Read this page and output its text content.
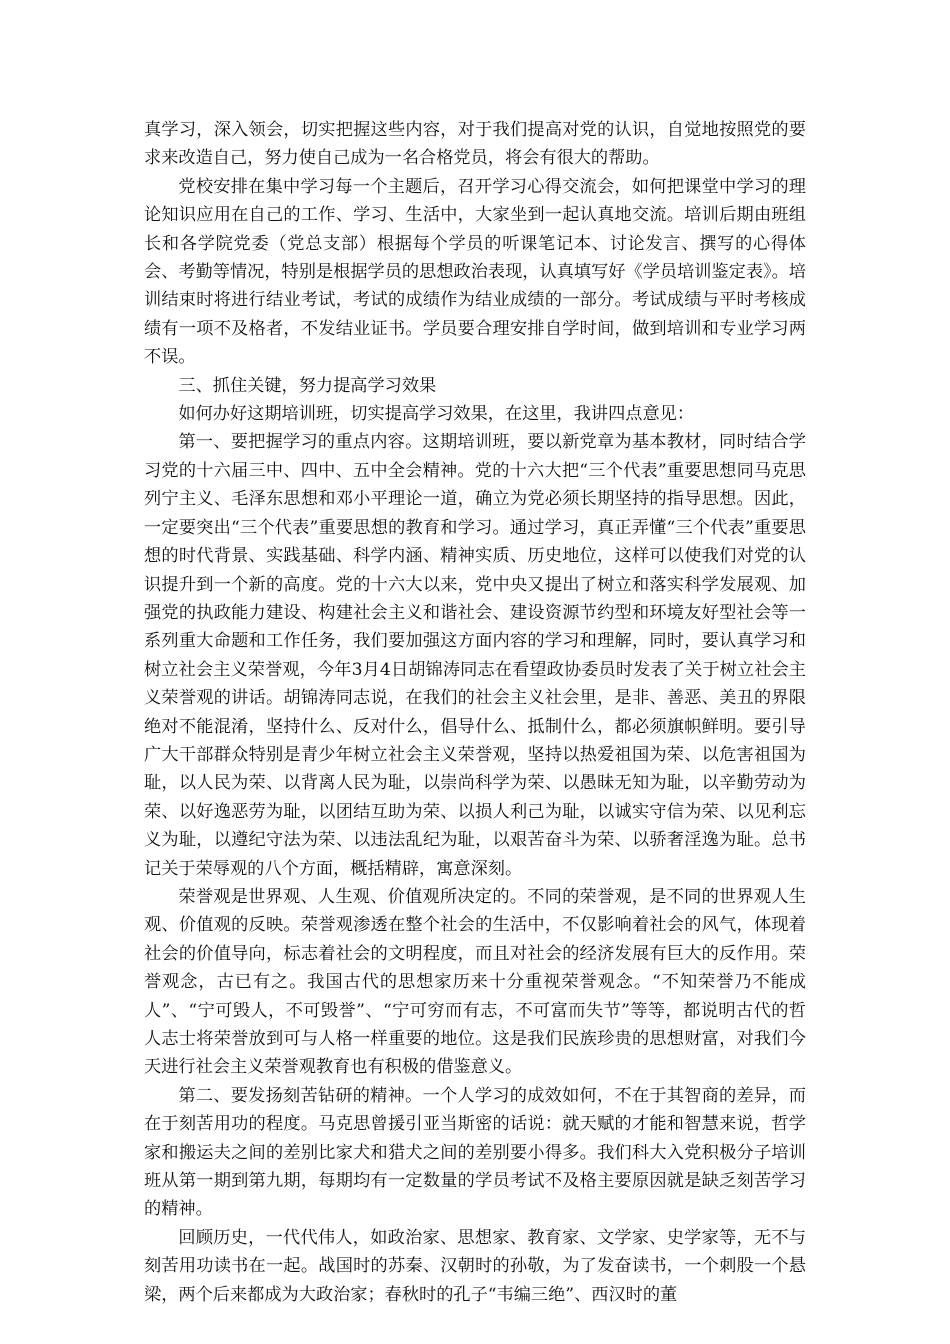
真学习，深入领会，切实把握这些内容，对于我们提高对党的认识，自觉地按照党的要求来改造自己，努力使自己成为一名合格党员，将会有很大的帮助。

党校安排在集中学习每一个主题后，召开学习心得交流会，如何把课堂中学习的理论知识应用在自己的工作、学习、生活中，大家坐到一起认真地交流。培训后期由班组长和各学院党委（党总支部）根据每个学员的听课笔记本、讨论发言、撰写的心得体会、考勤等情况，特别是根据学员的思想政治表现，认真填写好《学员培训鉴定表》。培训结束时将进行结业考试，考试的成绩作为结业成绩的一部分。考试成绩与平时考核成绩有一项不及格者，不发结业证书。学员要合理安排自学时间，做到培训和专业学习两不误。

三、抓住关键，努力提高学习效果

如何办好这期培训班，切实提高学习效果，在这里，我讲四点意见：

第一、要把握学习的重点内容。这期培训班，要以新党章为基本教材，同时结合学习党的十六届三中、四中、五中全会精神。党的十六大把“三个代表”重要思想同马克思列宁主义、毛泽东思想和邓小平理论一道，确立为党必须长期坚持的指导思想。因此，一定要突出“三个代表”重要思想的教育和学习。通过学习，真正弄懂“三个代表”重要思想的时代背景、实践基础、科学内涵、精神实质、历史地位，这样可以使我们对党的认识提升到一个新的高度。党的十六大以来，党中央又提出了树立和落实科学发展观、加强党的执政能力建设、构建社会主义和谐社会、建设资源节约型和环境友好型社会等一系列重大命题和工作任务，我们要加强这方面内容的学习和理解，同时，要认真学习和树立社会主义荣誉观，今年3月4日胡锦涛同志在看望政协委员时发表了关于树立社会主义荣誉观的讲话。胡锦涛同志说，在我们的社会主义社会里，是非、善恶、美丑的界限绝对不能混淆，坚持什么、反对什么，倡导什么、抵制什么，都必须旗帜鲜明。要引导广大干部群众特别是青少年树立社会主义荣誉观，坚持以热爱祖国为荣、以危害祖国为耻，以人民为荣、以背离人民为耻，以崇尚科学为荣、以愚昧无知为耻，以辛勤劳动为荣、以好逸恶劳为耻，以团结互助为荣、以损人利己为耻，以诚实守信为荣、以见利忘义为耻，以遵纪守法为荣、以违法乱纪为耻，以艰苦奋斗为荣、以骄奢淫逸为耻。总书记关于荣辱观的八个方面，概括精辟，寓意深刻。

荣誉观是世界观、人生观、价值观所决定的。不同的荣誉观，是不同的世界观人生观、价值观的反映。荣誉观渗透在整个社会的生活中，不仅影响着社会的风气，体现着社会的价值导向，标志着社会的文明程度，而且对社会的经济发展有巨大的反作用。荣誉观念，古已有之。我国古代的思想家历来十分重视荣誉观念。“不知荣誉乃不能成人”、“宁可毁人，不可毁誉”、“宁可穷而有志，不可富而失节”等等，都说明古代的哲人志士将荣誉放到可与人格一样重要的地位。这是我们民族珍贵的思想财富，对我们今天进行社会主义荣誉观教育也有积极的借鉴意义。

第二、要发扬刻苦钻研的精神。一个人学习的成效如何，不在于其智商的差异，而在于刻苦用功的程度。马克思曾援引亚当斯密的话说：就天赋的才能和智慧来说，哲学家和搬运夫之间的差别比家犬和猎犬之间的差别要小得多。我们科大入党积极分子培训班从第一期到第九期，每期均有一定数量的学员考试不及格主要原因就是缺乏刻苦学习的精神。

回顾历史，一代代伟人，如政治家、思想家、教育家、文学家、史学家等，无不与刻苦用功读书在一起。战国时的苏秦、汉朝时的孙敬，为了发奋读书，一个刺股一个悬梁，两个后来都成为大政治家；春秋时的孔子“韦编三绝”、西汉时的董
